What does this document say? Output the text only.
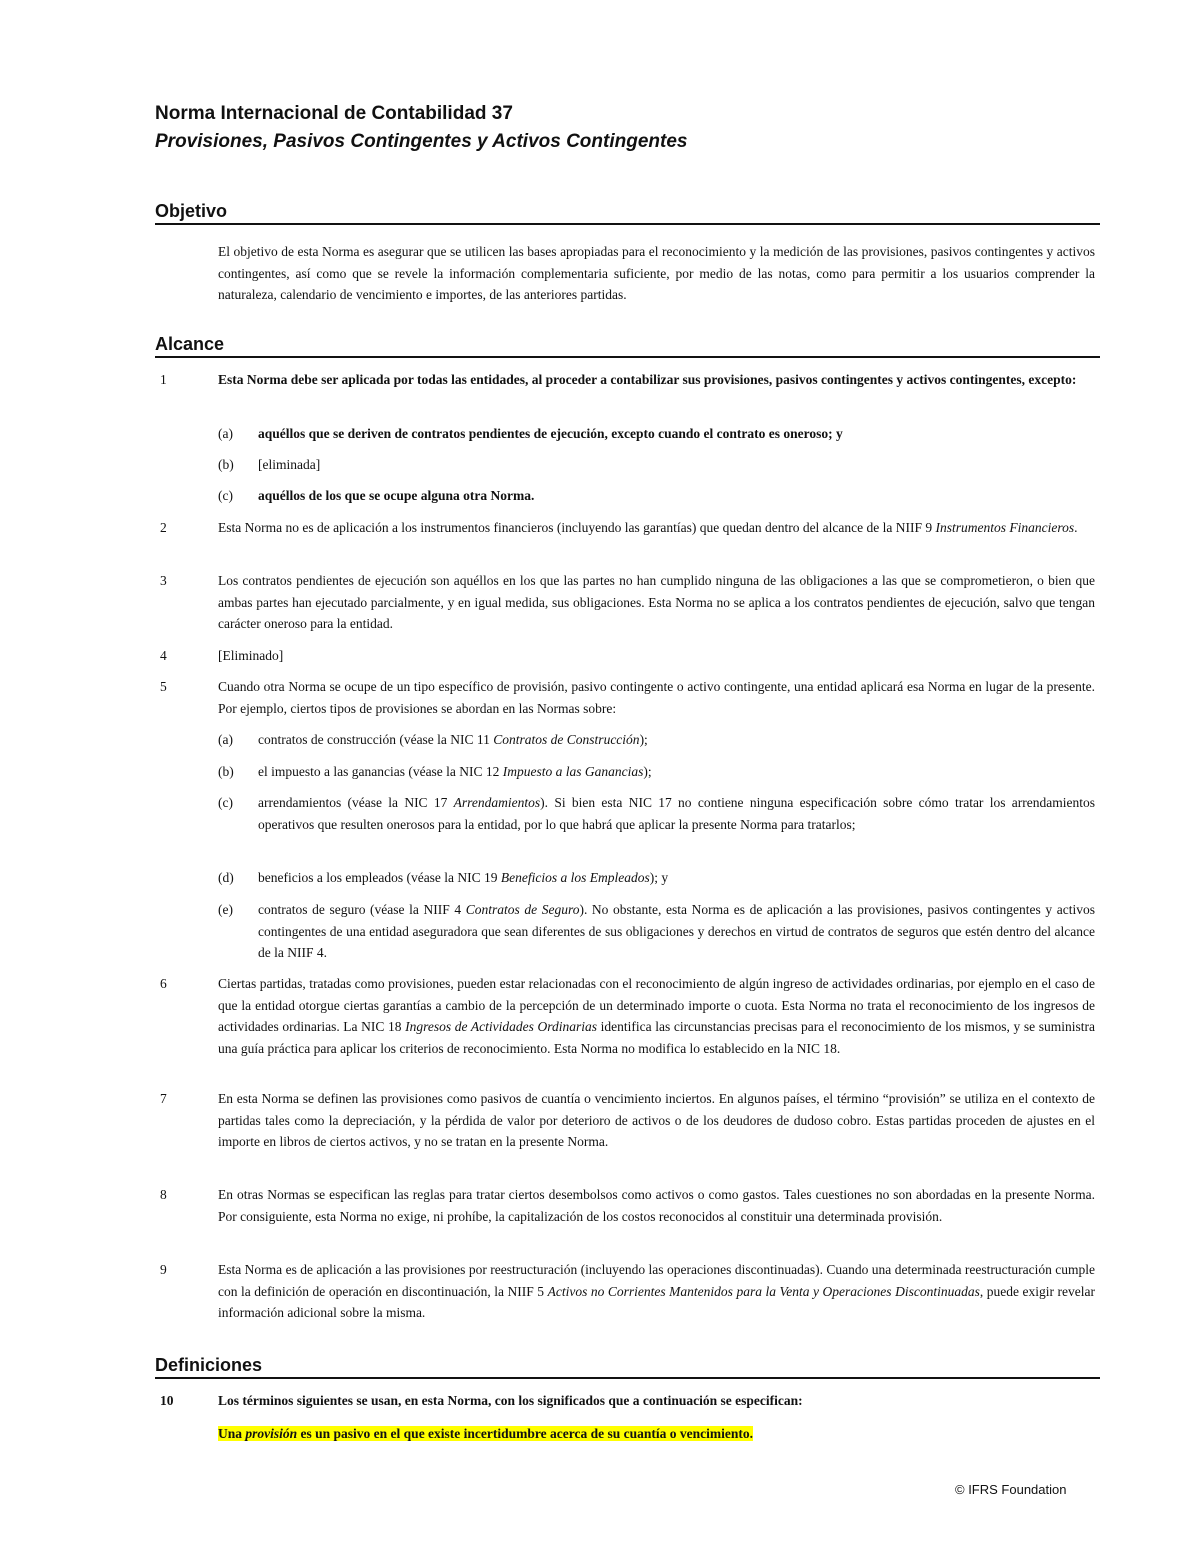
Norma Internacional de Contabilidad 37
Provisiones, Pasivos Contingentes y Activos Contingentes
Objetivo
El objetivo de esta Norma es asegurar que se utilicen las bases apropiadas para el reconocimiento y la medición de las provisiones, pasivos contingentes y activos contingentes, así como que se revele la información complementaria suficiente, por medio de las notas, como para permitir a los usuarios comprender la naturaleza, calendario de vencimiento e importes, de las anteriores partidas.
Alcance
1	Esta Norma debe ser aplicada por todas las entidades, al proceder a contabilizar sus provisiones, pasivos contingentes y activos contingentes, excepto:
(a) aquéllos que se deriven de contratos pendientes de ejecución, excepto cuando el contrato es oneroso; y
(b) [eliminada]
(c) aquéllos de los que se ocupe alguna otra Norma.
2	Esta Norma no es de aplicación a los instrumentos financieros (incluyendo las garantías) que quedan dentro del alcance de la NIIF 9 Instrumentos Financieros.
3	Los contratos pendientes de ejecución son aquéllos en los que las partes no han cumplido ninguna de las obligaciones a las que se comprometieron, o bien que ambas partes han ejecutado parcialmente, y en igual medida, sus obligaciones. Esta Norma no se aplica a los contratos pendientes de ejecución, salvo que tengan carácter oneroso para la entidad.
4	[Eliminado]
5	Cuando otra Norma se ocupe de un tipo específico de provisión, pasivo contingente o activo contingente, una entidad aplicará esa Norma en lugar de la presente. Por ejemplo, ciertos tipos de provisiones se abordan en las Normas sobre:
(a) contratos de construcción (véase la NIC 11 Contratos de Construcción);
(b) el impuesto a las ganancias (véase la NIC 12 Impuesto a las Ganancias);
(c) arrendamientos (véase la NIC 17 Arrendamientos). Si bien esta NIC 17 no contiene ninguna especificación sobre cómo tratar los arrendamientos operativos que resulten onerosos para la entidad, por lo que habrá que aplicar la presente Norma para tratarlos;
(d) beneficios a los empleados (véase la NIC 19 Beneficios a los Empleados); y
(e) contratos de seguro (véase la NIIF 4 Contratos de Seguro). No obstante, esta Norma es de aplicación a las provisiones, pasivos contingentes y activos contingentes de una entidad aseguradora que sean diferentes de sus obligaciones y derechos en virtud de contratos de seguros que estén dentro del alcance de la NIIF 4.
6	Ciertas partidas, tratadas como provisiones, pueden estar relacionadas con el reconocimiento de algún ingreso de actividades ordinarias, por ejemplo en el caso de que la entidad otorgue ciertas garantías a cambio de la percepción de un determinado importe o cuota. Esta Norma no trata el reconocimiento de los ingresos de actividades ordinarias. La NIC 18 Ingresos de Actividades Ordinarias identifica las circunstancias precisas para el reconocimiento de los mismos, y se suministra una guía práctica para aplicar los criterios de reconocimiento. Esta Norma no modifica lo establecido en la NIC 18.
7	En esta Norma se definen las provisiones como pasivos de cuantía o vencimiento inciertos. En algunos países, el término “provisión” se utiliza en el contexto de partidas tales como la depreciación, y la pérdida de valor por deterioro de activos o de los deudores de dudoso cobro. Estas partidas proceden de ajustes en el importe en libros de ciertos activos, y no se tratan en la presente Norma.
8	En otras Normas se especifican las reglas para tratar ciertos desembolsos como activos o como gastos. Tales cuestiones no son abordadas en la presente Norma. Por consiguiente, esta Norma no exige, ni prohíbe, la capitalización de los costos reconocidos al constituir una determinada provisión.
9	Esta Norma es de aplicación a las provisiones por reestructuración (incluyendo las operaciones discontinuadas). Cuando una determinada reestructuración cumple con la definición de operación en discontinuación, la NIIF 5 Activos no Corrientes Mantenidos para la Venta y Operaciones Discontinuadas, puede exigir revelar información adicional sobre la misma.
Definiciones
10	Los términos siguientes se usan, en esta Norma, con los significados que a continuación se especifican:
Una provisión es un pasivo en el que existe incertidumbre acerca de su cuantía o vencimiento.
© IFRS Foundation
